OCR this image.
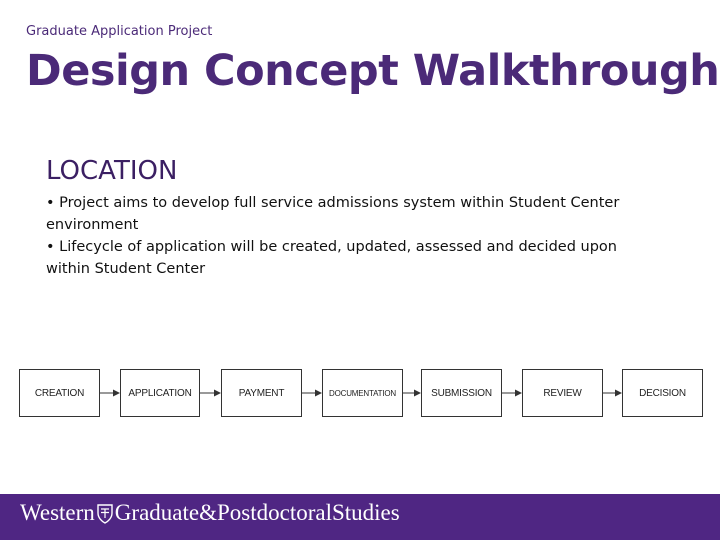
Graduate Application Project
Design Concept Walkthrough
LOCATION

• Project aims to develop full service admissions system within Student Center environment

• Lifecycle of application will be created, updated, assessed and decided upon within Student Center

CREATION	APPLICATION	PAYMENT	DOCUMENTATION	SUBMISSION	REVIEW	DECISION
Western Graduate&PostdoctoralStudies
